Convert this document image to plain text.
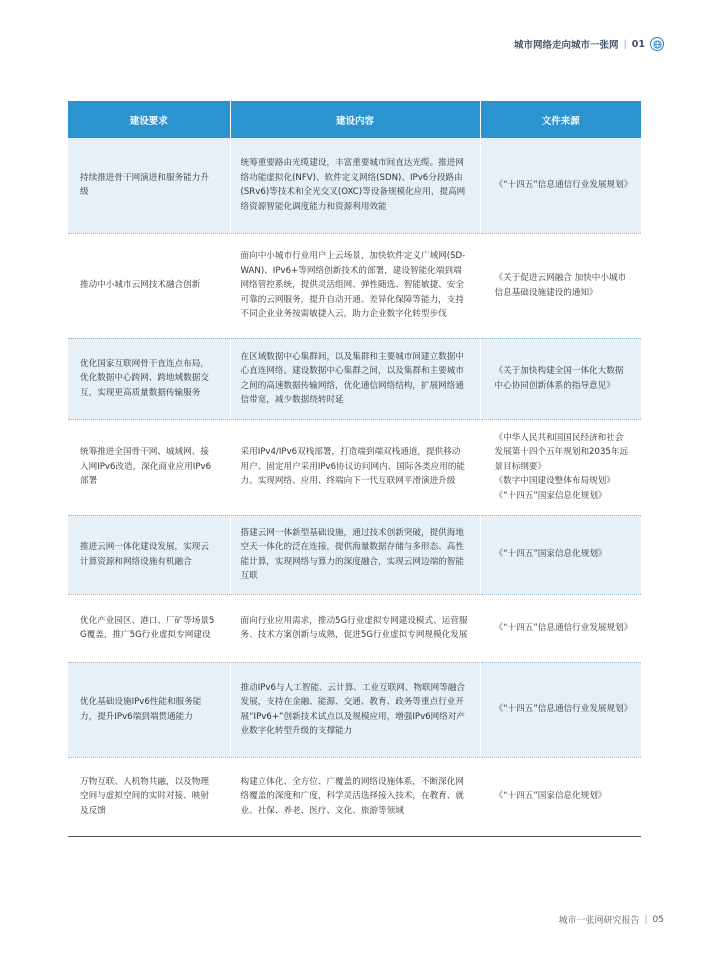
城市网络走向城市一张网 | 01
建设要求	建设内容	文件来源
持续推进骨干网演进和服务能力升级	统筹重要路由光缆建设，丰富重要城市间直达光缆。推进网络功能虚拟化(NFV)、软件定义网络(SDN)、IPv6分段路由(SRv6)等技术和全光交叉(OXC)等设备规模化应用，提高网络资源智能化调度能力和资源利用效能	《“十四五”信息通信行业发展规划》

推动中小城市云网技术融合创新	面向中小城市行业用户上云场景，加快软件定义广域网(SD-WAN)、IPv6+等网络创新技术的部署，建设智能化端到端网络管控系统，提供灵活组网、弹性随选、智能敏捷、安全可靠的云网服务，提升自动开通、差异化保障等能力，支持不同企业业务按需敏捷入云，助力企业数字化转型步伐	《关于促进云网融合 加快中小城市信息基础设施建设的通知》

优化国家互联网骨干直连点布局，优化数据中心跨网、跨地域数据交互，实现更高质量数据传输服务	在区域数据中心集群间，以及集群和主要城市间建立数据中心直连网络。建设数据中心集群之间，以及集群和主要城市之间的高速数据传输网络，优化通信网络结构，扩展网络通信带宽，减少数据绕转时延	《关于加快构建全国一体化大数据中心协同创新体系的指导意见》

统筹推进全国骨干网、城域网、接入网IPv6改造，深化商业应用IPv6部署	采用IPv4/IPv6双栈部署，打造端到端双栈通道，提供移动用户、固定用户采用IPv6协议访问网内、国际各类应用的能力。实现网络、应用、终端向下一代互联网平滑演进升级	《中华人民共和国国民经济和社会发展第十四个五年规划和2035年远景目标纲要》
《数字中国建设整体布局规划》
《“十四五”国家信息化规划》

推进云网一体化建设发展，实现云计算资源和网络设施有机融合	搭建云网一体新型基础设施，通过技术创新突破，提供海地空天一体化的泛在连接，提供海量数据存储与多形态、高性能计算，实现网络与算力的深度融合，实现云网边端的智能互联	《“十四五”国家信息化规划》

优化产业园区、港口、厂矿等场景5G覆盖，推广5G行业虚拟专网建设	面向行业应用需求，推动5G行业虚拟专网建设模式、运营服务、技术方案创新与成熟，促进5G行业虚拟专网规模化发展	《“十四五”信息通信行业发展规划》

优化基础设施IPv6性能和服务能力，提升IPv6端到端贯通能力	推动IPv6与人工智能、云计算、工业互联网、物联网等融合发展，支持在金融、能源、交通、教育、政务等重点行业开展“IPv6+”创新技术试点以及规模应用，增强IPv6网络对产业数字化转型升级的支撑能力	《“十四五”信息通信行业发展规划》

万物互联、人机物共融，以及物理空间与虚拟空间的实时对接、映射及反馈	构建立体化、全方位、广覆盖的网络设施体系，不断深化网络覆盖的深度和广度，科学灵活选择接入技术，在教育、就业、社保、养老、医疗、文化、旅游等领域	《“十四五”国家信息化规划》
城市一张网研究报告 | 05
